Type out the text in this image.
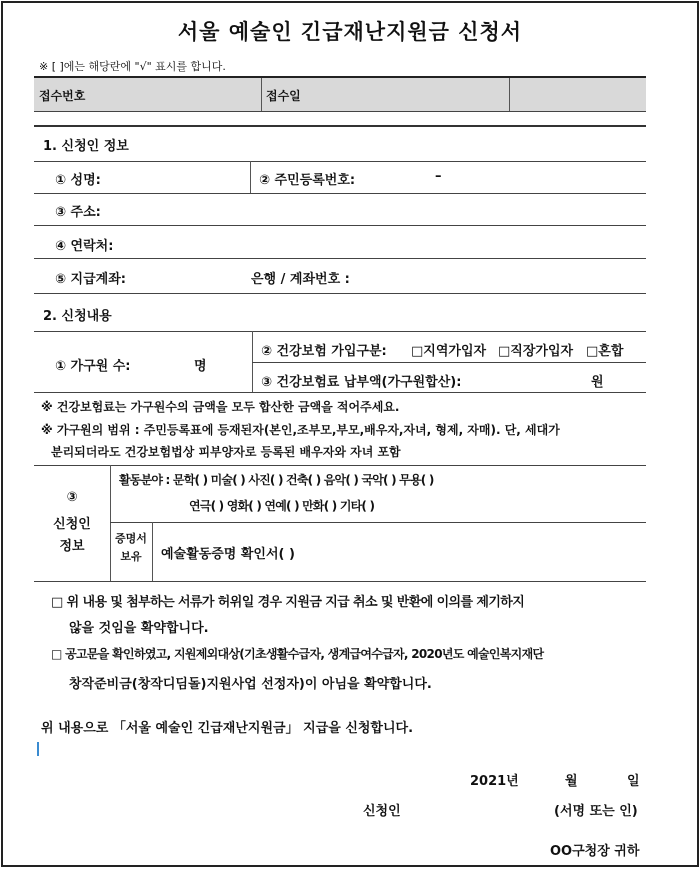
서울 예술인 긴급재난지원금 신청서
※ [ ]에는 해당란에 "√" 표시를 합니다.
접수번호	접수일
1. 신청인 정보
① 성명:	② 주민등록번호:	–
③ 주소:
④ 연락처:
⑤ 지급계좌:	은행 / 계좌번호 :
2. 신청내용
① 가구원 수:	명
② 건강보험 가입구분: □지역가입자 □직장가입자 □혼합
③ 건강보험료 납부액(가구원합산):	원
※ 건강보험료는 가구원수의 금액을 모두 합산한 금액을 적어주세요.
※ 가구원의 범위 : 주민등록표에 등재된자(본인,조부모,부모,배우자,자녀, 형제, 자매). 단, 세대가
분리되더라도 건강보험법상 피부양자로 등록된 배우자와 자녀 포함
③
신청인
정보
활동분야 : 문학( ) 미술( ) 사진( ) 건축( ) 음악( ) 국악( ) 무용( )
연극( ) 영화( ) 연예( ) 만화( ) 기타( )
증명서
보유	예술활동증명 확인서( )
□ 위 내용 및 첨부하는 서류가 허위일 경우 지원금 지급 취소 및 반환에 이의를 제기하지
않을 것임을 확약합니다.
□ 공고문을 확인하였고, 지원제외대상(기초생활수급자, 생계급여수급자, 2020년도 예술인복지재단
창작준비금(창작디딤돌)지원사업 선정자)이 아님을 확약합니다.
위 내용으로 「서울 예술인 긴급재난지원금」 지급을 신청합니다.
2021년	월	일
신청인	(서명 또는 인)
OO구청장 귀하
